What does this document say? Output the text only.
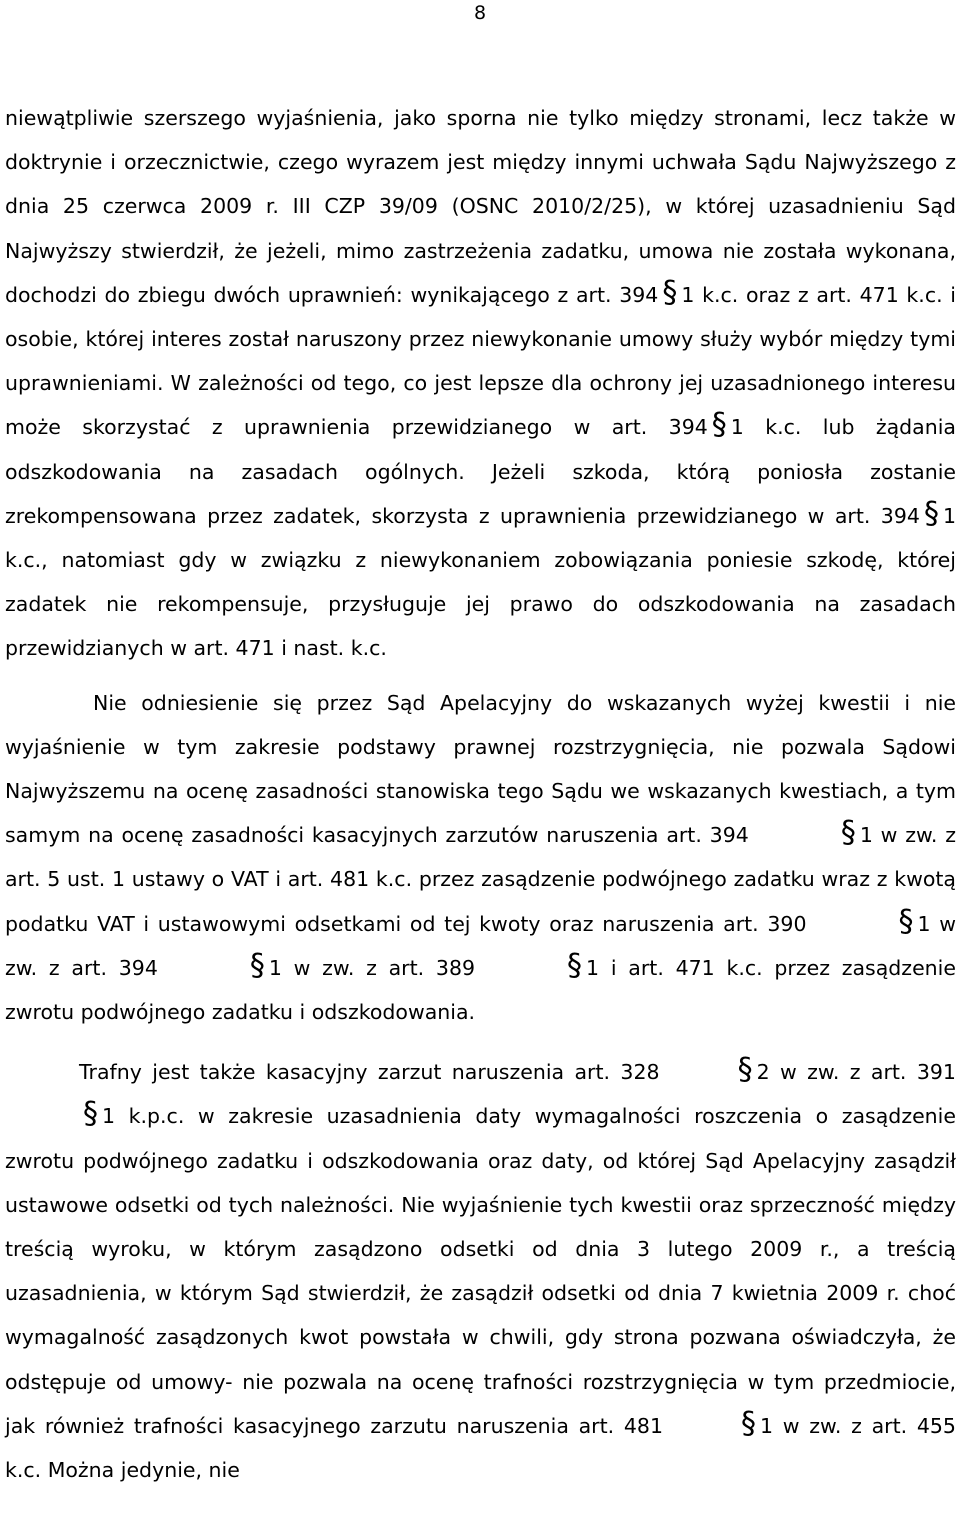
8

niewątpliwie szerszego wyjaśnienia, jako sporna nie tylko między stronami, lecz także w doktrynie i orzecznictwie, czego wyrazem jest między innymi uchwała Sądu Najwyższego z dnia 25 czerwca 2009 r. III CZP 39/09 (OSNC 2010/2/25), w której uzasadnieniu Sąd Najwyższy stwierdził, że jeżeli, mimo zastrzeżenia zadatku, umowa nie została wykonana, dochodzi do zbiegu dwóch uprawnień: wynikającego z art. 394 § 1 k.c. oraz z art. 471 k.c. i osobie, której interes został naruszony przez niewykonanie umowy służy wybór między tymi uprawnieniami. W zależności od tego, co jest lepsze dla ochrony jej uzasadnionego interesu może skorzystać z uprawnienia przewidzianego w art. 394 § 1 k.c. lub żądania odszkodowania na zasadach ogólnych. Jeżeli szkoda, którą poniosła zostanie zrekompensowana przez zadatek, skorzysta z uprawnienia przewidzianego w art. 394 § 1 k.c., natomiast gdy w związku z niewykonaniem zobowiązania poniesie szkodę, której zadatek nie rekompensuje, przysługuje jej prawo do odszkodowania na zasadach przewidzianych w art. 471 i nast. k.c.

Nie odniesienie się przez Sąd Apelacyjny do wskazanych wyżej kwestii i nie wyjaśnienie w tym zakresie podstawy prawnej rozstrzygnięcia, nie pozwala Sądowi Najwyższemu na ocenę zasadności stanowiska tego Sądu we wskazanych kwestiach, a tym samym na ocenę zasadności kasacyjnych zarzutów naruszenia art. 394	§ 1 w zw. z art. 5 ust. 1 ustawy o VAT i art. 481 k.c. przez zasądzenie podwójnego zadatku wraz z kwotą podatku VAT i ustawowymi odsetkami od tej kwoty oraz naruszenia art. 390	§ 1 w zw. z art. 394	§ 1 w zw. z art. 389	§ 1 i art. 471 k.c. przez zasądzenie zwrotu podwójnego zadatku i odszkodowania.

Trafny jest także kasacyjny zarzut naruszenia art. 328	§ 2 w zw. z art. 391§ 1 k.p.c. w zakresie uzasadnienia daty wymagalności roszczenia o zasądzenie zwrotu podwójnego zadatku i odszkodowania oraz daty, od której Sąd Apelacyjny zasądził ustawowe odsetki od tych należności. Nie wyjaśnienie tych kwestii oraz sprzeczność między treścią wyroku, w którym zasądzono odsetki od dnia 3 lutego 2009 r., a treścią uzasadnienia, w którym Sąd stwierdził, że zasądził odsetki od dnia 7 kwietnia 2009 r. choć wymagalność zasądzonych kwot powstała w chwili, gdy strona pozwana oświadczyła, że odstępuje od umowy- nie pozwala na ocenę trafności rozstrzygnięcia w tym przedmiocie, jak również trafności kasacyjnego zarzutu naruszenia art. 481	§ 1 w zw. z art. 455 k.c. Można jedynie, nie
